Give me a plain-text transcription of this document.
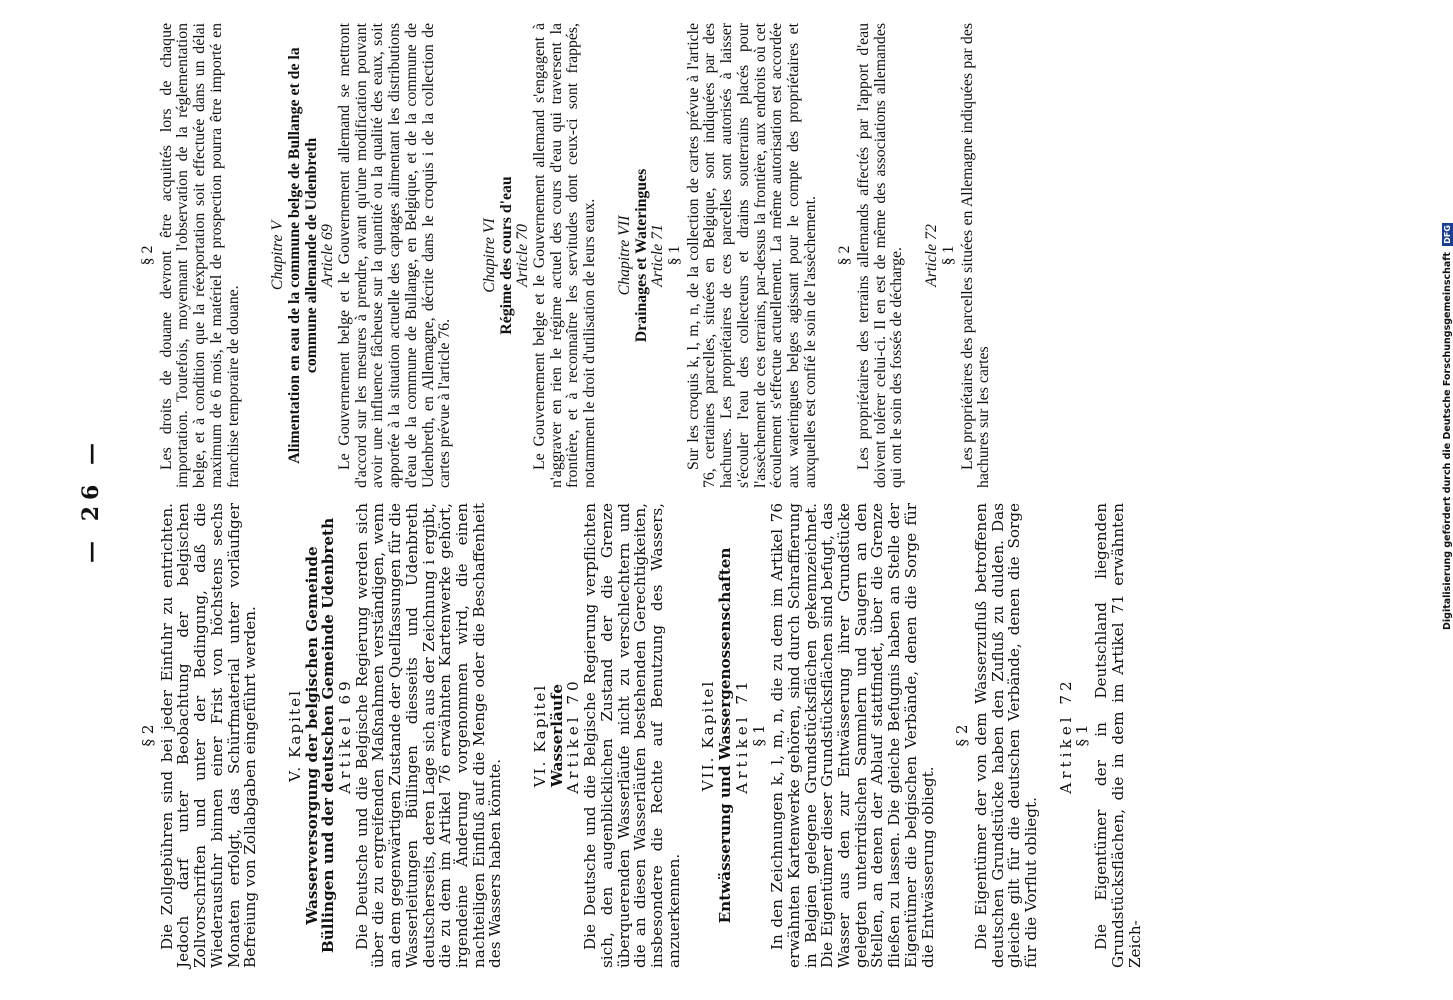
— 26 —

§ 2 Die Zollgebühren sind bei jeder Einfuhr zu entrichten. Jedoch darf unter Beobachtung der belgischen Zollvorschriften und unter der Bedingung, daß die Wiederausfuhr binnen einer Frist von höchstens sechs Monaten erfolgt, das Schürfmaterial unter vorläufiger Befreiung von Zollabgaben eingeführt werden. V. Kapitel

Wasserversorgung der belgischen Gemeinde Büllingen und der deutschen Gemeinde Udenbreth

Artikel 69

Die Deutsche und die Belgische Regierung werden sich über die zu ergreifenden Maßnahmen verständigen, wenn an dem gegenwärtigen Zustande der Quellfassungen für die Wasserleitungen Büllingen diesseits und Udenbreth deutscherseits, deren Lage sich aus der Zeichnung i ergibt, die zu dem im Artikel 76 erwähnten Kartenwerke gehört, irgendeine Änderung vorgenommen wird, die einen nachteiligen Einfluß auf die Menge oder die Beschaffenheit des Wassers haben könnte.

VI. Kapitel

Wasserläufe

Artikel 70

Die Deutsche und die Belgische Regierung verpflichten sich, den augenblicklichen Zustand der die Grenze überquerenden Wasserläufe nicht zu verschlechtern und die an diesen Wasserläufen bestehenden Gerechtigkeiten, insbesondere die Rechte auf Benutzung des Wassers, anzuerkennen.

VII. Kapitel

Entwässerung und Wassergenossenschaften

Artikel 71

§ 1 In den Zeichnungen k, l, m, n, die zu dem im Artikel 76 erwähnten Kartenwerke gehören, sind durch Schraffierung in Belgien gelegene Grundstücksflächen gekennzeichnet. Die Eigentümer dieser Grundstücksflächen sind befugt, das Wasser aus den zur Entwässerung ihrer Grundstücke gelegten unterirdischen Sammlern und Saugern an den Stellen, an denen der Ablauf stattfindet, über die Grenze fließen zu lassen. Die gleiche Befugnis haben an Stelle der Eigentümer die belgischen Verbände, denen die Sorge für die Entwässerung obliegt.

§ 2 Die Eigentümer der von dem Wasserzufluß betroffenen deutschen Grundstücke haben den Zufluß zu dulden. Das gleiche gilt für die deutschen Verbände, denen die Sorge für die Vorflut obliegt.

Artikel 72

§ 1 Die Eigentümer der in Deutschland liegenden Grundstücksflächen, die in dem im Artikel 71 erwähnten Zeich-

§ 2 Les droits de douane devront être acquittés lors de chaque importation. Toutefois, moyennant l'observation de la réglementation belge, et à condition que la réexportation soit effectuée dans un délai maximum de 6 mois, le matériel de prospection pourra être importé en franchise temporaire de douane.

Chapitre V Alimentation en eau de la commune belge de Bullange et de la commune allemande de Udenbreth Article 69 Le Gouvernement belge et le Gouvernement allemand se mettront d'accord sur les mesures à prendre, avant qu'une modification pouvant avoir une influence fâcheuse sur la quantité ou la qualité des eaux, soit apportée à la situation actuelle des captages alimentant les distributions d'eau de la commune de Bullange, en Belgique, et de la commune de Udenbreth, en Allemagne, décrite dans le croquis i de la collection de cartes prévue à l'article 76.

Chapitre VI Régime des cours d'eau Article 70 Le Gouvernement belge et le Gouvernement allemand s'engagent à n'aggraver en rien le régime actuel des cours d'eau qui traversent la frontière, et à reconnaître les servitudes dont ceux-ci sont frappés, notamment le droit d'utilisation de leurs eaux. Chapitre VII Drainages et Wateringues Article 71 § 1 Sur les croquis k, l, m, n, de la collection de cartes prévue à l'article 76, certaines parcelles, situées en Belgique, sont indiquées par des hachures. Les propriétaires de ces parcelles sont autorisés à laisser s'écouler l'eau des collecteurs et drains souterrains placés pour l'assèchement de ces terrains, par-dessus la frontière, aux endroits où cet écoulement s'effectue actuellement. La même autorisation est accordée aux wateringues belges agissant pour le compte des propriétaires et auxquelles est confié le soin de l'assèchement. § 2 Les propriétaires des terrains allemands affectés par l'apport d'eau doivent tolérer celui-ci. Il en est de même des associations allemandes qui ont le soin des fossés de décharge. Article 72 § 1 Les propriétaires des parcelles situées en Allemagne indiquées par des hachures sur les cartes	Digitalisierung gefördert durch die Deutsche Forschungsgemeinschaft DFG
